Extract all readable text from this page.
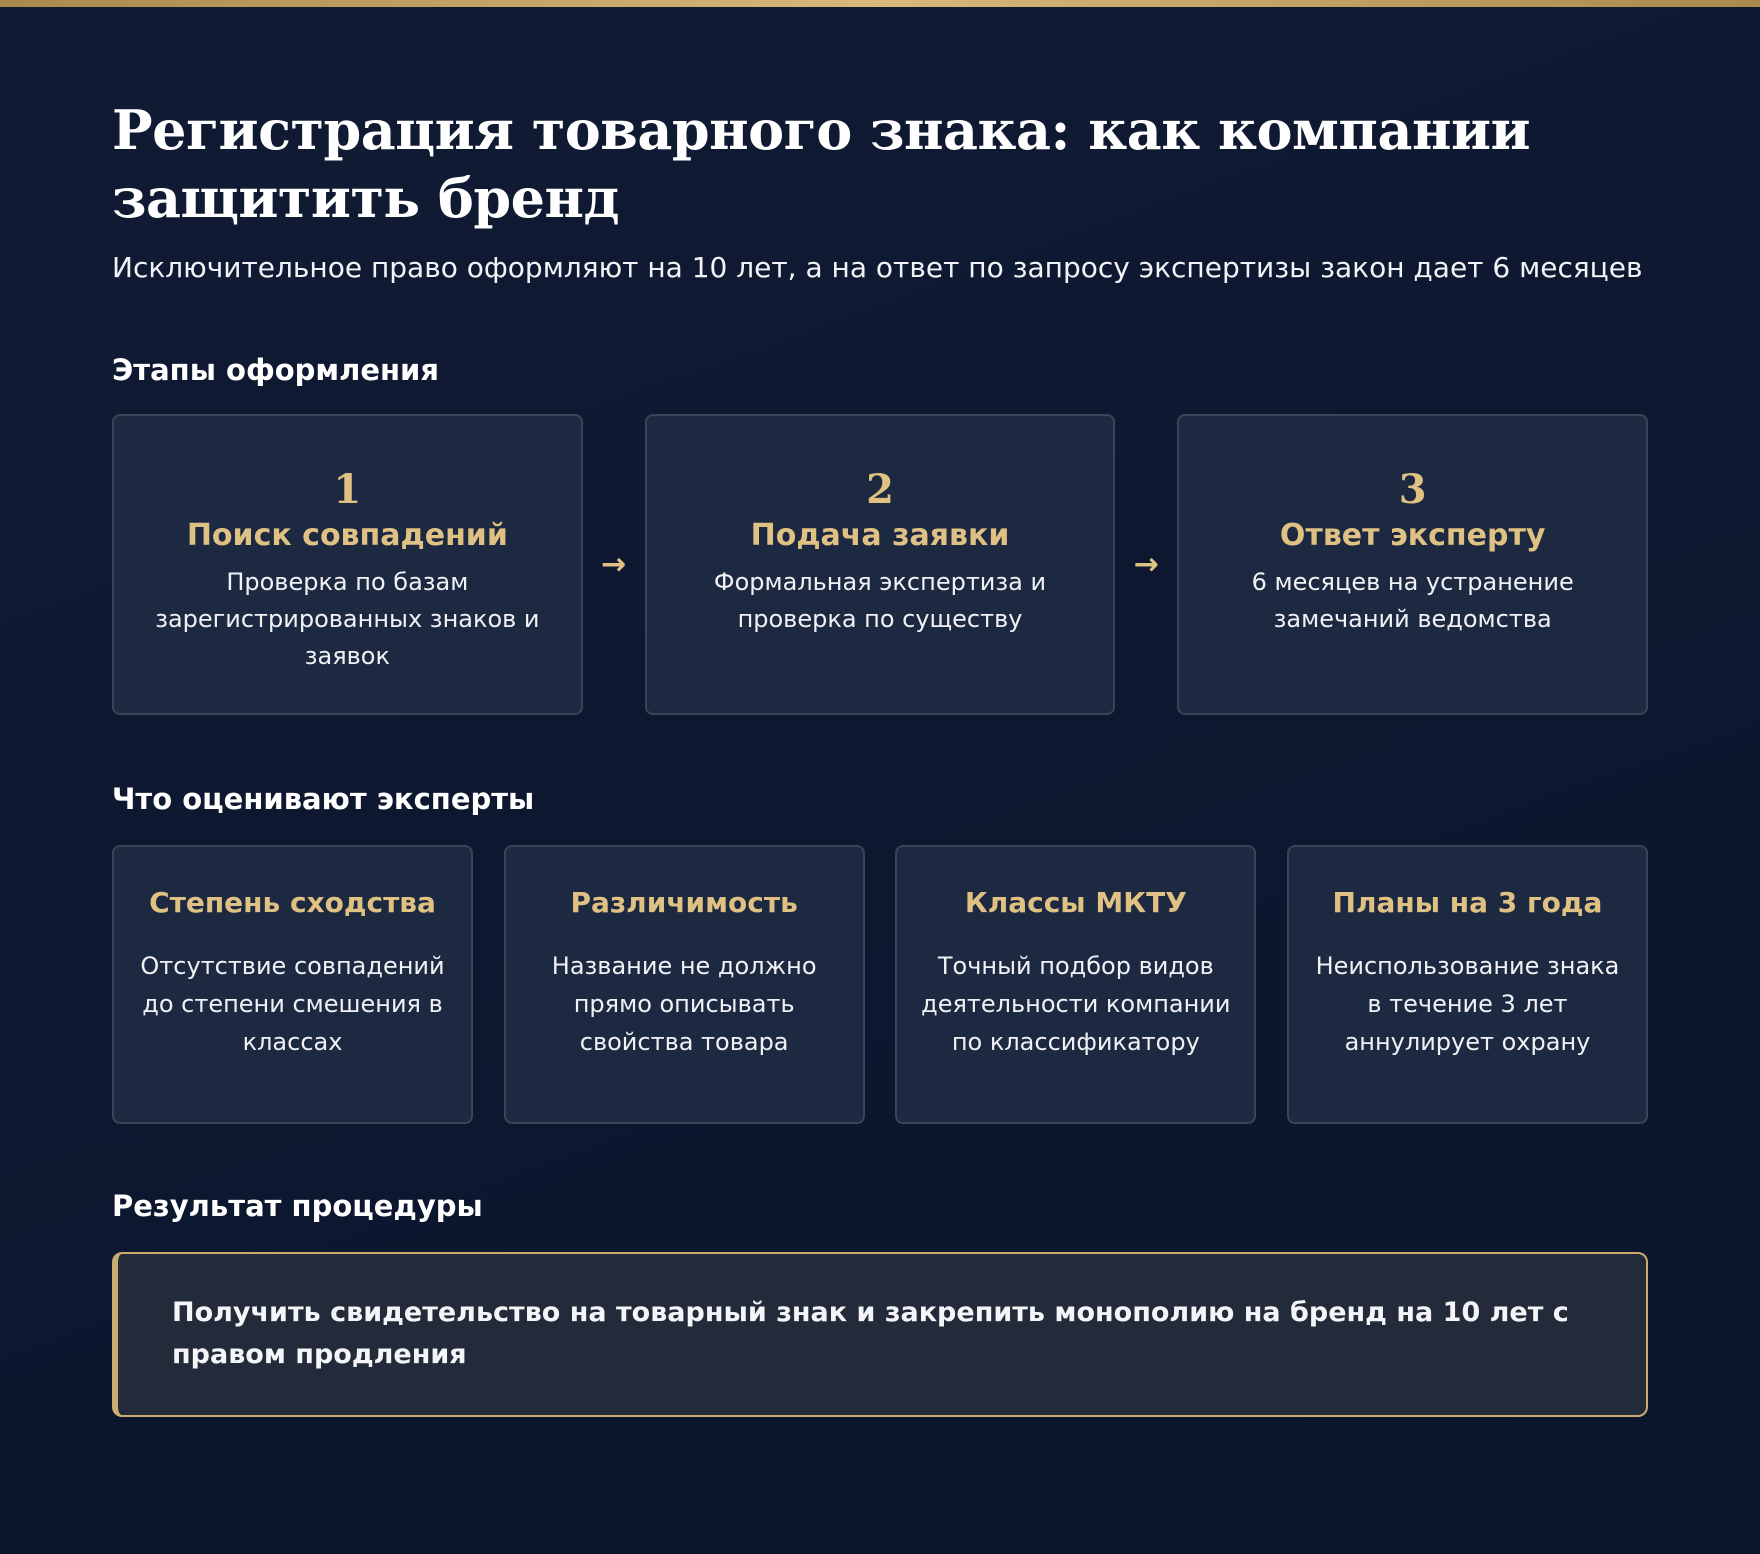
Регистрация товарного знака: как компании защитить бренд

Исключительное право оформляют на 10 лет, а на ответ по запросу экспертизы закон дает 6 месяцев

Этапы оформления
1
Поиск совпадений
Проверка по базам зарегистрированных знаков и заявок
→
2
Подача заявки
Формальная экспертиза и проверка по существу
→
3
Ответ эксперту
6 месяцев на устранение замечаний ведомства
Что оценивают эксперты
Степень сходства
Отсутствие совпадений до степени смешения в классах
Различимость
Название не должно прямо описывать свойства товара
Классы МКТУ
Точный подбор видов деятельности компании по классификатору
Планы на 3 года
Неиспользование знака в течение 3 лет аннулирует охрану
Результат процедуры

Получить свидетельство на товарный знак и закрепить монополию на бренд на 10 лет с правом продления
